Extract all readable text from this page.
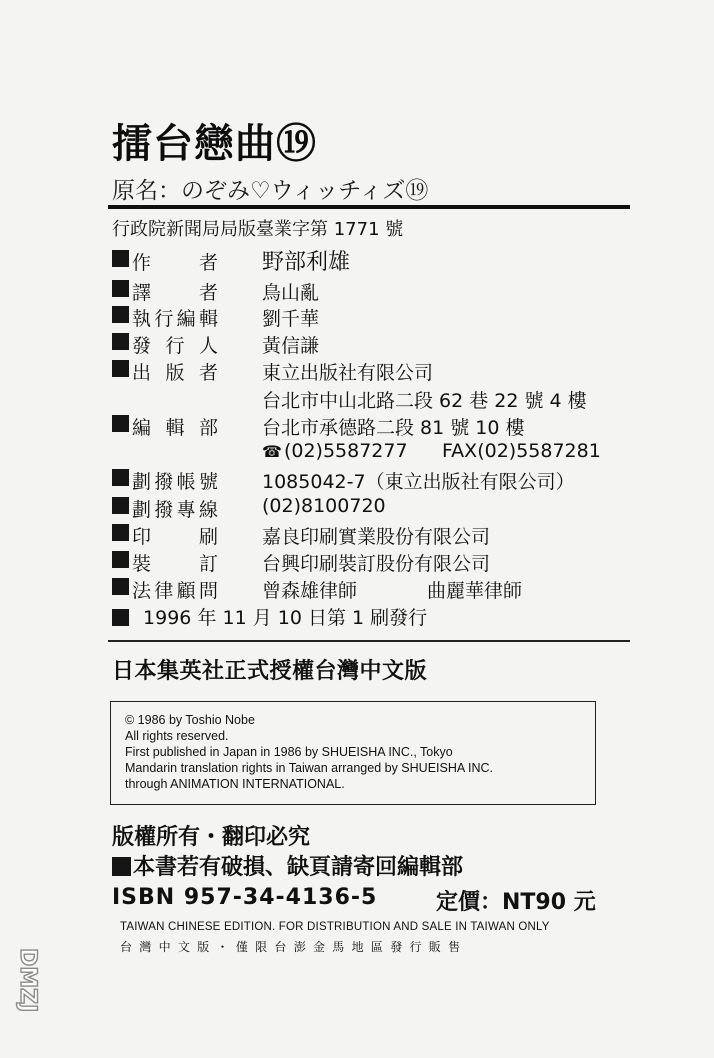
擂台戀曲⑲
原名：のぞみ♡ウィッチィズ⑲
行政院新聞局局版臺業字第 1771 號
作	者 野部利雄
譯	者 鳥山亂
執 行 編 輯 劉千華
發 行 人 黃信謙
出 版 者 東立出版社有限公司
台北市中山北路二段 62 巷 22 號 4 樓
編 輯 部 台北市承德路二段 81 號 10 樓
☎ (02)5587277 FAX(02)5587281
劃 撥 帳 號 1085042-7（東立出版社有限公司）
劃 撥 專 線 (02)8100720
印	刷 嘉良印刷實業股份有限公司
裝	訂 台興印刷裝訂股份有限公司
法 律 顧 問 曾森雄律師	曲麗華律師
1996 年 11 月 10 日第 1 刷發行
日本集英社正式授權台灣中文版
© 1986 by Toshio Nobe
All rights reserved.
First published in Japan in 1986 by SHUEISHA INC., Tokyo
Mandarin translation rights in Taiwan arranged by SHUEISHA INC.
through ANIMATION INTERNATIONAL.
版權所有・翻印必究
本書若有破損、缺頁請寄回編輯部
ISBN 957-34-4136-5	定價：NT90 元
TAIWAN CHINESE EDITION. FOR DISTRIBUTION AND SALE IN TAIWAN ONLY
台灣中文版・僅限台澎金馬地區發行販售
DMZJ
